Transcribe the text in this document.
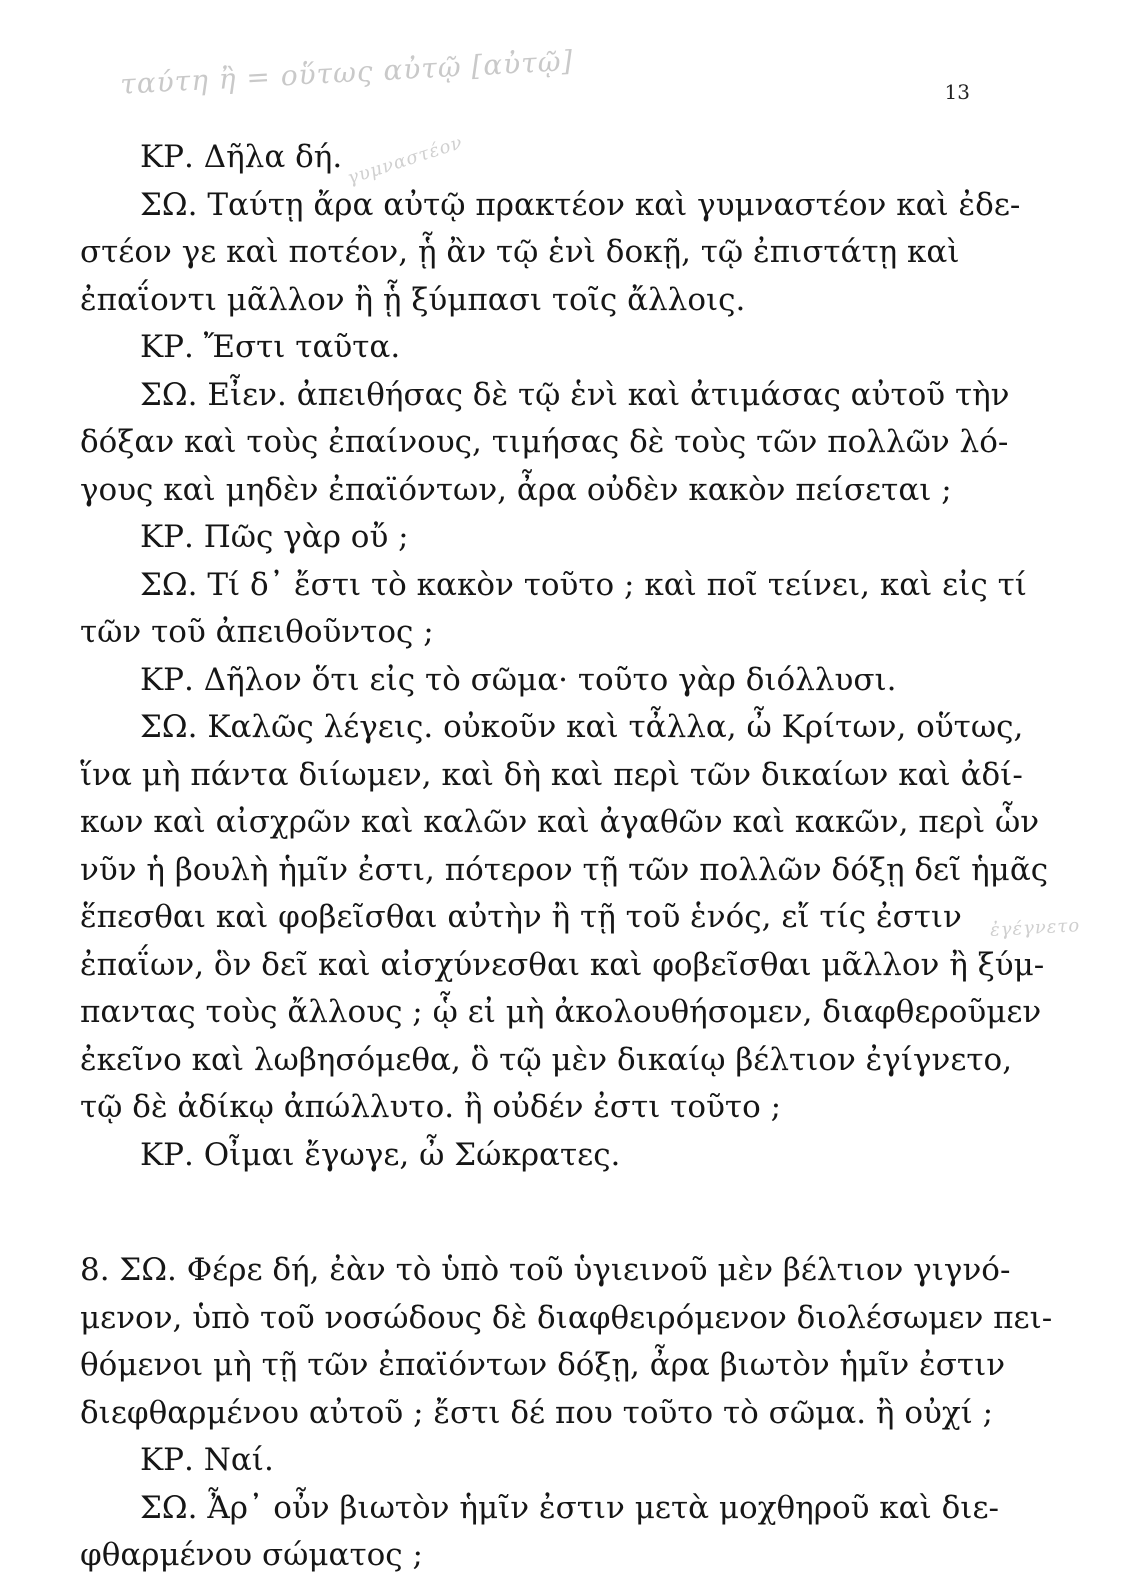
ταύτη ἢ = οὕτως αὐτῷ [αὐτῷ]
γυμναστέον
ἐγέγνετο
13
ΚΡ. Δῆλα δή.
ΣΩ. Ταύτῃ ἄρα αὐτῷ πρακτέον καὶ γυμναστέον καὶ ἐδε-
στέον γε καὶ ποτέον, ᾗ ἂν τῷ ἑνὶ δοκῇ, τῷ ἐπιστάτῃ καὶ
ἐπαΐοντι μᾶλλον ἢ ᾗ ξύμπασι τοῖς ἄλλοις.
ΚΡ. Ἔστι ταῦτα.
ΣΩ. Εἶεν. ἀπειθήσας δὲ τῷ ἑνὶ καὶ ἀτιμάσας αὐτοῦ τὴν
δόξαν καὶ τοὺς ἐπαίνους, τιμήσας δὲ τοὺς τῶν πολλῶν λό-
γους καὶ μηδὲν ἐπαϊόντων, ἆρα οὐδὲν κακὸν πείσεται ;
ΚΡ. Πῶς γὰρ οὔ ;
ΣΩ. Τί δ᾽ ἔστι τὸ κακὸν τοῦτο ; καὶ ποῖ τείνει, καὶ εἰς τί
τῶν τοῦ ἀπειθοῦντος ;
ΚΡ. Δῆλον ὅτι εἰς τὸ σῶμα· τοῦτο γὰρ διόλλυσι.
ΣΩ. Καλῶς λέγεις. οὐκοῦν καὶ τἆλλα, ὦ Κρίτων, οὕτως,
ἵνα μὴ πάντα διίωμεν, καὶ δὴ καὶ περὶ τῶν δικαίων καὶ ἀδί-
κων καὶ αἰσχρῶν καὶ καλῶν καὶ ἀγαθῶν καὶ κακῶν, περὶ ὧν
νῦν ἡ βουλὴ ἡμῖν ἐστι, πότερον τῇ τῶν πολλῶν δόξῃ δεῖ ἡμᾶς
ἕπεσθαι καὶ φοβεῖσθαι αὐτὴν ἢ τῇ τοῦ ἑνός, εἴ τίς ἐστιν
ἐπαΐων, ὃν δεῖ καὶ αἰσχύνεσθαι καὶ φοβεῖσθαι μᾶλλον ἢ ξύμ-
παντας τοὺς ἄλλους ; ᾧ εἰ μὴ ἀκολουθήσομεν, διαφθεροῦμεν
ἐκεῖνο καὶ λωβησόμεθα, ὃ τῷ μὲν δικαίῳ βέλτιον ἐγίγνετο,
τῷ δὲ ἀδίκῳ ἀπώλλυτο. ἢ οὐδέν ἐστι τοῦτο ;
ΚΡ. Οἶμαι ἔγωγε, ὦ Σώκρατες.
8. ΣΩ. Φέρε δή, ἐὰν τὸ ὑπὸ τοῦ ὑγιεινοῦ μὲν βέλτιον γιγνό-
μενον, ὑπὸ τοῦ νοσώδους δὲ διαφθειρόμενον διολέσωμεν πει-
θόμενοι μὴ τῇ τῶν ἐπαϊόντων δόξῃ, ἆρα βιωτὸν ἡμῖν ἐστιν
διεφθαρμένου αὐτοῦ ; ἔστι δέ που τοῦτο τὸ σῶμα. ἢ οὐχί ;
ΚΡ. Ναί.
ΣΩ. Ἆρ᾽ οὖν βιωτὸν ἡμῖν ἐστιν μετὰ μοχθηροῦ καὶ διε-
φθαρμένου σώματος ;
